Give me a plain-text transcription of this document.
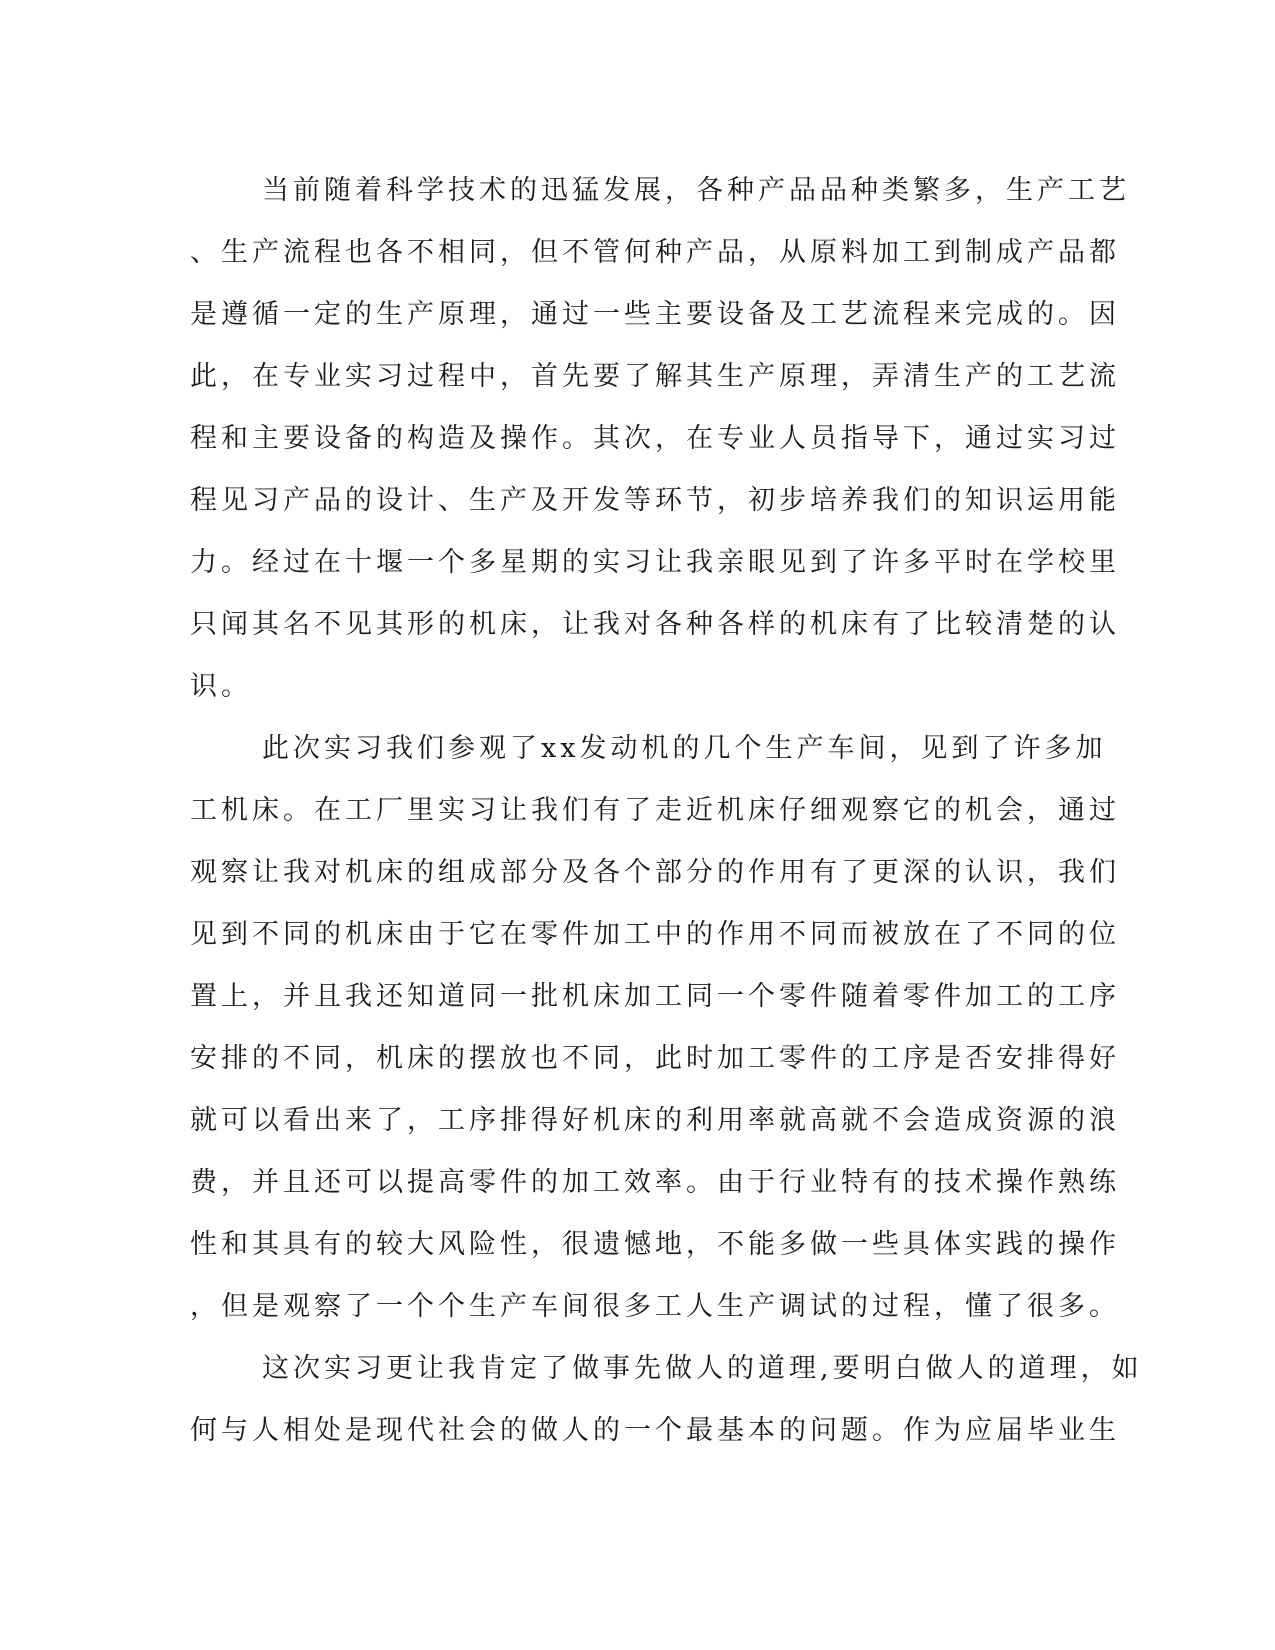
当前随着科学技术的迅猛发展，各种产品品种类繁多，生产工艺
、生产流程也各不相同，但不管何种产品，从原料加工到制成产品都
是遵循一定的生产原理，通过一些主要设备及工艺流程来完成的。因
此，在专业实习过程中，首先要了解其生产原理，弄清生产的工艺流
程和主要设备的构造及操作。其次，在专业人员指导下，通过实习过
程见习产品的设计、生产及开发等环节，初步培养我们的知识运用能
力。经过在十堰一个多星期的实习让我亲眼见到了许多平时在学校里
只闻其名不见其形的机床，让我对各种各样的机床有了比较清楚的认
识。
此次实习我们参观了xx发动机的几个生产车间，见到了许多加
工机床。在工厂里实习让我们有了走近机床仔细观察它的机会，通过
观察让我对机床的组成部分及各个部分的作用有了更深的认识，我们
见到不同的机床由于它在零件加工中的作用不同而被放在了不同的位
置上，并且我还知道同一批机床加工同一个零件随着零件加工的工序
安排的不同，机床的摆放也不同，此时加工零件的工序是否安排得好
就可以看出来了，工序排得好机床的利用率就高就不会造成资源的浪
费，并且还可以提高零件的加工效率。由于行业特有的技术操作熟练
性和其具有的较大风险性，很遗憾地，不能多做一些具体实践的操作
，但是观察了一个个生产车间很多工人生产调试的过程，懂了很多。
这次实习更让我肯定了做事先做人的道理,要明白做人的道理，如
何与人相处是现代社会的做人的一个最基本的问题。作为应届毕业生
